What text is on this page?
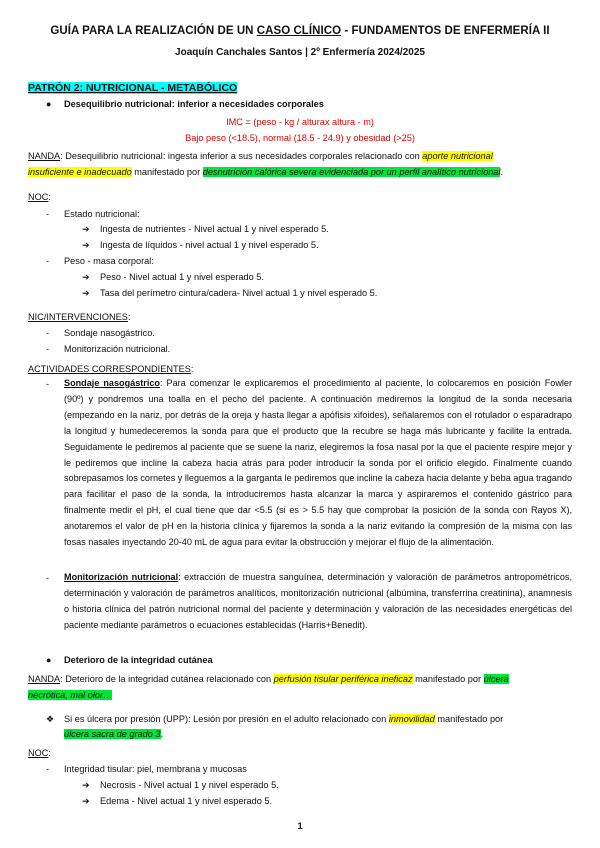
GUÍA PARA LA REALIZACIÓN DE UN CASO CLÍNICO - FUNDAMENTOS DE ENFERMERÍA II
Joaquín Canchales Santos | 2º Enfermería 2024/2025
PATRÓN 2: NUTRICIONAL - METABÓLICO
● Desequilibrio nutricional: inferior a necesidades corporales
IMC = (peso - kg / alturax altura - m)
Bajo peso (<18.5), normal (18.5 - 24.9) y obesidad (>25)
NANDA: Desequilibrio nutricional: ingesta inferior a sus necesidades corporales relacionado con aporte nutricional
insuficiente e inadecuado manifestado por desnutrición calórica severa evidenciada por un perfil analítico nutricional.
NOC:
- Estado nutricional:
➔ Ingesta de nutrientes - Nivel actual 1 y nivel esperado 5.
➔ Ingesta de líquidos - nivel actual 1 y nivel esperado 5.
- Peso - masa corporal:
➔ Peso - Nivel actual 1 y nivel esperado 5.
➔ Tasa del perímetro cintura/cadera- Nivel actual 1 y nivel esperado 5.
NIC/INTERVENCIONES:
- Sondaje nasogástrico.
- Monitorización nutricional.
ACTIVIDADES CORRESPONDIENTES:
- Sondaje nasogástrico: Para comenzar le explicaremos el procedimiento al paciente, lo colocaremos en posición Fowler (90º) y pondremos una toalla en el pecho del paciente. A continuación mediremos la longitud de la sonda necesaria (empezando en la nariz, por detrás de la oreja y hasta llegar a apófisis xifoides), señalaremos con el rotulador o esparadrapo la longitud y humedeceremos la sonda para que el producto que la recubre se haga más lubricante y facilite la entrada. Seguidamente le pediremos al paciente que se suene la nariz, elegiremos la fosa nasal por la que el paciente respire mejor y le pediremos que incline la cabeza hacia atrás para poder introducir la sonda por el orificio elegido. Finalmente cuando sobrepasamos los cornetes y lleguemos a la garganta le pediremos que incline la cabeza hacia delante y beba agua tragando para facilitar el paso de la sonda, la introduciremos hasta alcanzar la marca y aspiraremos el contenido gástrico para finalmente medir el pH, el cual tiene que dar <5.5 (si es > 5.5 hay que comprobar la posición de la sonda con Rayos X), anotaremos el valor de pH en la historia clínica y fijaremos la sonda a la nariz evitando la compresión de la misma con las fosas nasales inyectando 20-40 mL de agua para evitar la obstrucción y mejorar el flujo de la alimentación.
- Monitorización nutricional: extracción de muestra sanguínea, determinación y valoración de parámetros antropométricos, determinación y valoración de parámetros analíticos, monitorización nutricional (albúmina, transferrina creatinina), anamnesis o historia clínica del patrón nutricional normal del paciente y determinación y valoración de las necesidades energéticas del paciente mediante parámetros o ecuaciones establecidas (Harris+Benedit).
● Deterioro de la integridad cutánea
NANDA: Deterioro de la integridad cutánea relacionado con perfusión tisular periférica ineficaz manifestado por úlcera
necrótica, mal olor…
❖ Si es úlcera por presión (UPP): Lesión por presión en el adulto relacionado con inmovilidad manifestado por
úlcera sacra de grado 3.
NOC:
- Integridad tisular: piel, membrana y mucosas
➔ Necrosis - Nivel actual 1 y nivel esperado 5.
➔ Edema - Nivel actual 1 y nivel esperado 5.
1
